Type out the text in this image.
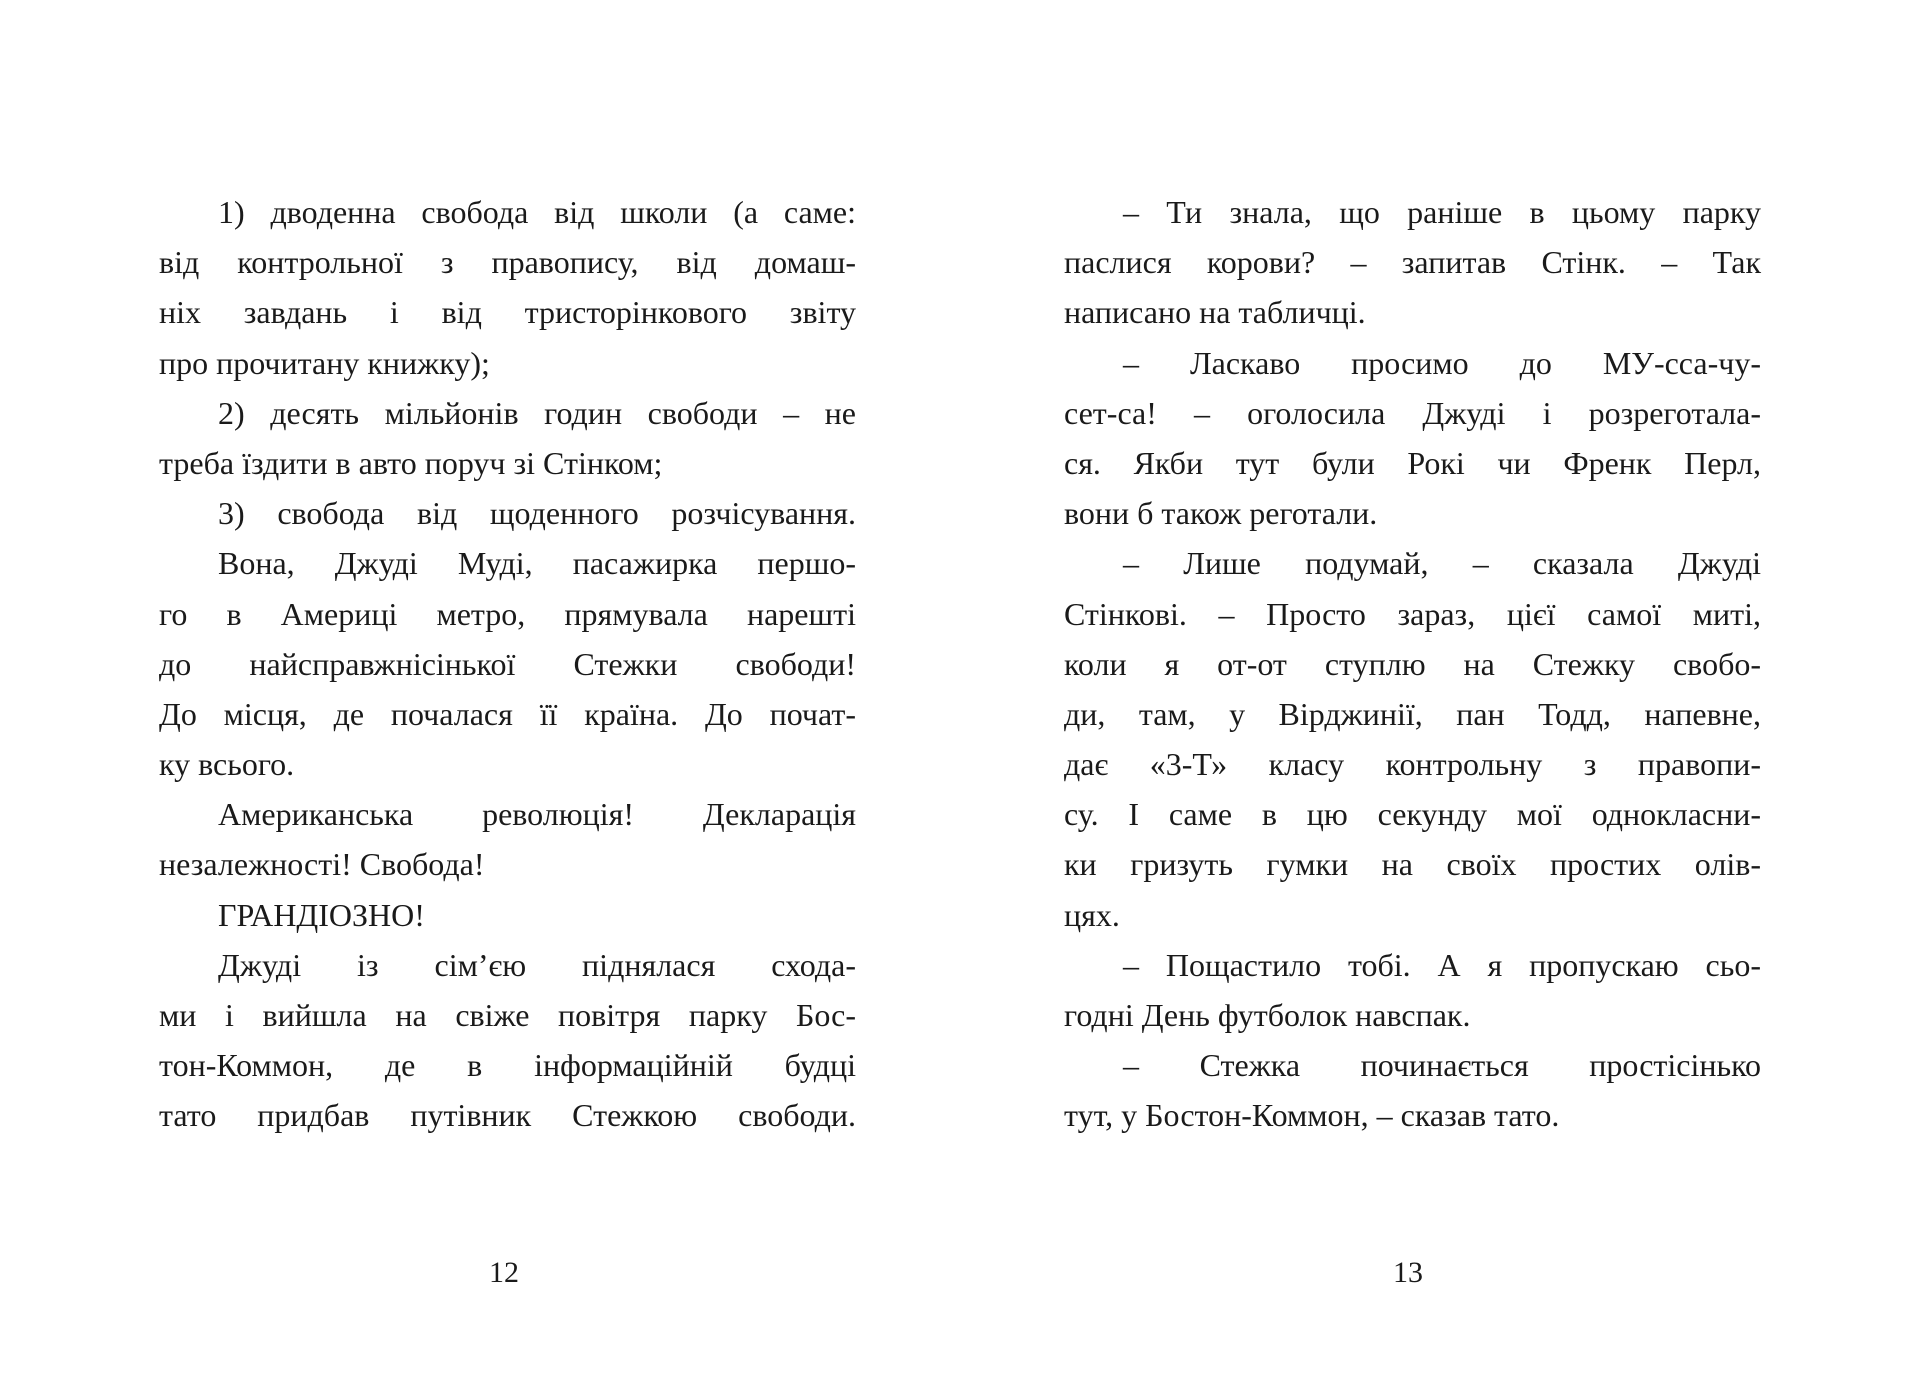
1) дводенна свобода від школи (а саме:
від контрольної з правопису, від домаш-
ніх завдань і від тристорінкового звіту
про прочитану книжку);
2) десять мільйонів годин свободи – не
треба їздити в авто поруч зі Стінком;
3) свобода від щоденного розчісування.
Вона, Джуді Муді, пасажирка першо-
го в Америці метро, прямувала нарешті
до найсправжнісінької Стежки свободи!
До місця, де почалася її країна. До почат-
ку всього.
Американська революція! Декларація
незалежності! Свобода!
ГРАНДІОЗНО!
Джуді із сім’єю піднялася сходa-
ми і вийшла на свіже повітря парку Бос-
тон-Коммон, де в інформаційній будці
тато придбав путівник Стежкою свободи.
– Ти знала, що раніше в цьому парку
паслися корови? – запитав Стінк. – Так
написано на табличці.
– Ласкаво просимо до МУ-сса-чу-
сет-са! – оголосила Джуді і розреготала-
ся. Якби тут були Рокі чи Френк Перл,
вони б також реготали.
– Лише подумай, – сказала Джуді
Стінкові. – Просто зараз, цієї самої миті,
коли я от-от ступлю на Стежку свобо-
ди, там, у Вірджинії, пан Тодд, напевне,
дає «3-Т» класу контрольну з правопи-
су. І саме в цю секунду мої однокласни-
ки гризуть гумки на своїх простих олів-
цях.
– Пощастило тобі. А я пропускаю сьо-
годні День футболок навспак.
– Стежка починається простісінько
тут, у Бостон-Коммон, – сказав тато.
12	13
